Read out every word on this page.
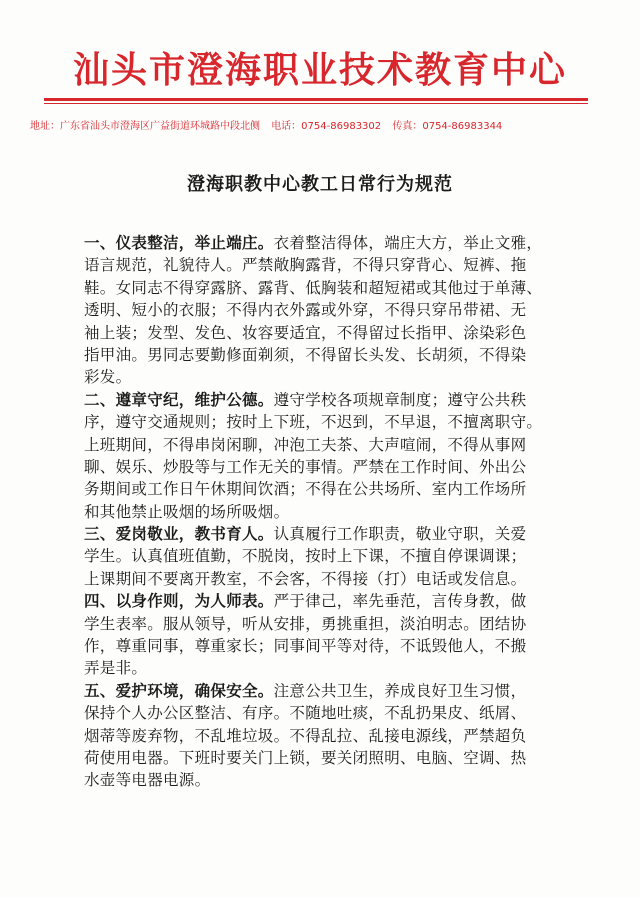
汕头市澄海职业技术教育中心
地址：广东省汕头市澄海区广益街道环城路中段北侧 电话：0754-86983302 传真：0754-86983344
澄海职教中心教工日常行为规范
一、仪表整洁，举止端庄。衣着整洁得体，端庄大方，举止文雅，
语言规范，礼貌待人。严禁敞胸露背，不得只穿背心、短裤、拖
鞋。女同志不得穿露脐、露背、低胸装和超短裙或其他过于单薄、
透明、短小的衣服；不得内衣外露或外穿，不得只穿吊带裙、无
袖上装；发型、发色、妆容要适宜，不得留过长指甲、涂染彩色
指甲油。男同志要勤修面剃须，不得留长头发、长胡须，不得染
彩发。
二、遵章守纪，维护公德。遵守学校各项规章制度；遵守公共秩
序，遵守交通规则；按时上下班，不迟到，不早退，不擅离职守。
上班期间，不得串岗闲聊，冲泡工夫茶、大声喧闹，不得从事网
聊、娱乐、炒股等与工作无关的事情。严禁在工作时间、外出公
务期间或工作日午休期间饮酒；不得在公共场所、室内工作场所
和其他禁止吸烟的场所吸烟。
三、爱岗敬业，教书育人。认真履行工作职责，敬业守职，关爱
学生。认真值班值勤，不脱岗，按时上下课，不擅自停课调课；
上课期间不要离开教室，不会客，不得接（打）电话或发信息。
四、以身作则，为人师表。严于律己，率先垂范，言传身教，做
学生表率。服从领导，听从安排，勇挑重担，淡泊明志。团结协
作，尊重同事，尊重家长；同事间平等对待，不诋毁他人，不搬
弄是非。
五、爱护环境，确保安全。注意公共卫生，养成良好卫生习惯，
保持个人办公区整洁、有序。不随地吐痰，不乱扔果皮、纸屑、
烟蒂等废弃物，不乱堆垃圾。不得乱拉、乱接电源线，严禁超负
荷使用电器。下班时要关门上锁，要关闭照明、电脑、空调、热
水壶等电器电源。
